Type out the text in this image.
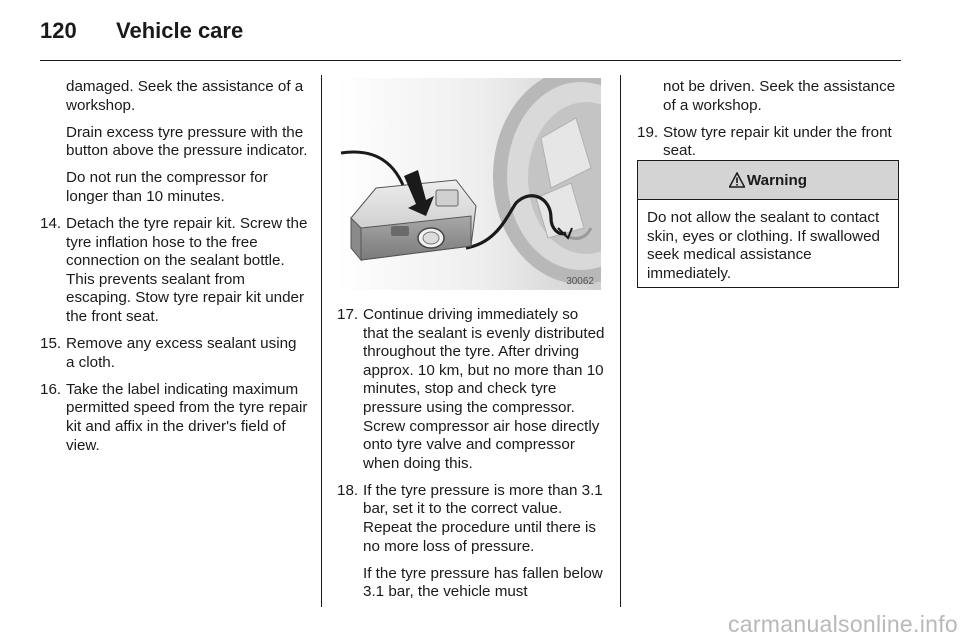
120 Vehicle care

damaged. Seek the assistance of a workshop.

Drain excess tyre pressure with the button above the pressure indicator.

Do not run the compressor for longer than 10 minutes.

14. Detach the tyre repair kit. Screw the tyre inflation hose to the free connection on the sealant bottle. This prevents sealant from escaping. Stow tyre repair kit under the front seat.
15. Remove any excess sealant using a cloth.
16. Take the label indicating maximum permitted speed from the tyre repair kit and affix in the driver's field of view.
30062
17. Continue driving immediately so that the sealant is evenly distributed throughout the tyre. After driving approx. 10 km, but no more than 10 minutes, stop and check tyre pressure using the compressor. Screw compressor air hose directly onto tyre valve and compressor when doing this.
18. If the tyre pressure is more than 3.1 bar, set it to the correct value. Repeat the procedure until there is no more loss of pressure.

If the tyre pressure has fallen below 3.1 bar, the vehicle must

not be driven. Seek the assistance of a workshop.

19. Stow tyre repair kit under the front seat.
Warning
Do not allow the sealant to contact skin, eyes or clothing. If swallowed seek medical assistance immediately.
carmanualsonline.info
